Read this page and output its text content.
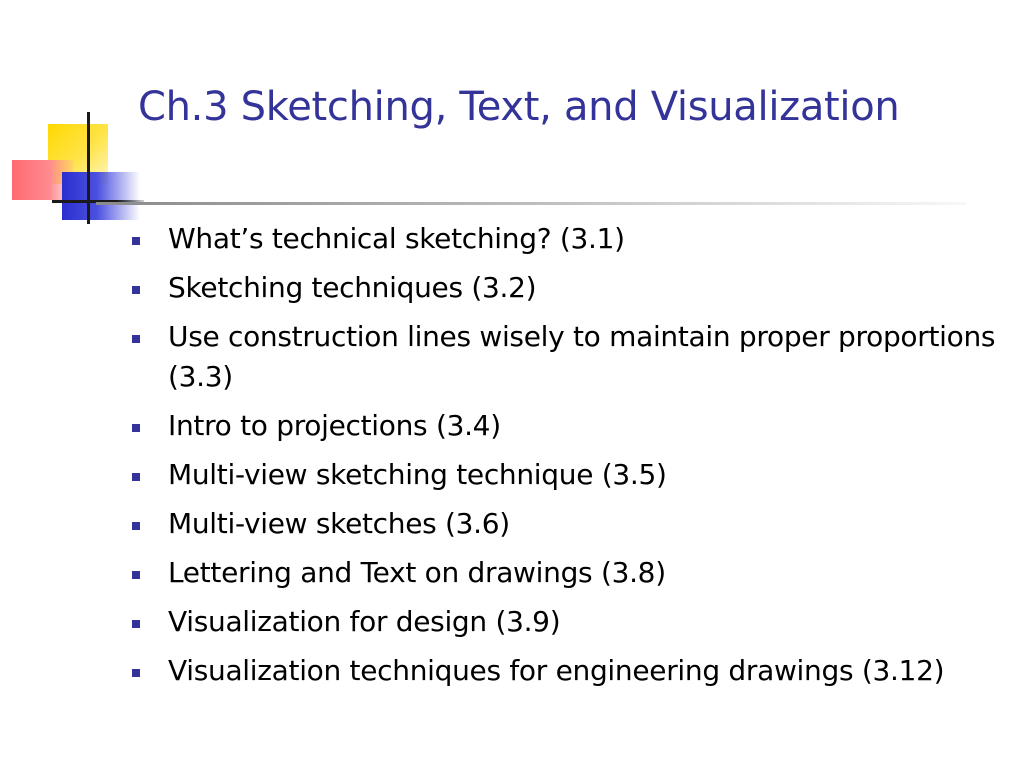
Ch.3 Sketching, Text, and Visualization
What’s technical sketching? (3.1)
Sketching techniques (3.2)
Use construction lines wisely to maintain proper proportions (3.3)
Intro to projections (3.4)
Multi-view sketching technique (3.5)
Multi-view sketches (3.6)
Lettering and Text on drawings (3.8)
Visualization for design (3.9)
Visualization techniques for engineering drawings (3.12)
